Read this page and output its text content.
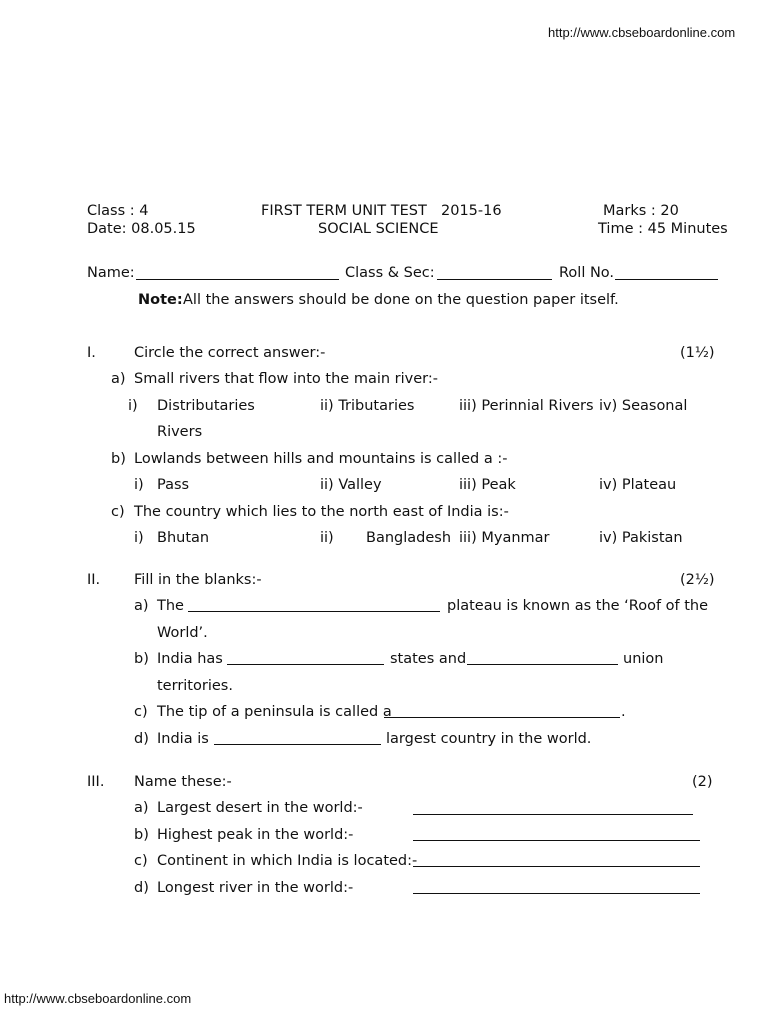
http://www.cbseboardonline.com
Class : 4	FIRST TERM UNIT TEST 2015-16	Marks : 20
Date: 08.05.15	SOCIAL SCIENCE	Time : 45 Minutes
Name:	Class & Sec:	Roll No.
Note: All the answers should be done on the question paper itself.
I.	Circle the correct answer:-	(1½)
a) Small rivers that flow into the main river:-
i) Distributaries	ii) Tributaries	iii) Perinnial Rivers iv) Seasonal
Rivers
b) Lowlands between hills and mountains is called a :-
i) Pass	ii) Valley	iii) Peak	iv) Plateau
c) The country which lies to the north east of India is:-
i) Bhutan	ii) Bangladesh iii) Myanmar	iv) Pakistan
II. Fill in the blanks:-	(2½)
a) The	plateau is known as the ‘Roof of the
World’.
b) India has	states and	union
territories.
c) The tip of a peninsula is called a	.
d) India is	largest country in the world.
III. Name these:-	(2)
a) Largest desert in the world:-
b) Highest peak in the world:-
c) Continent in which India is located:-
d) Longest river in the world:-
http://www.cbseboardonline.com
